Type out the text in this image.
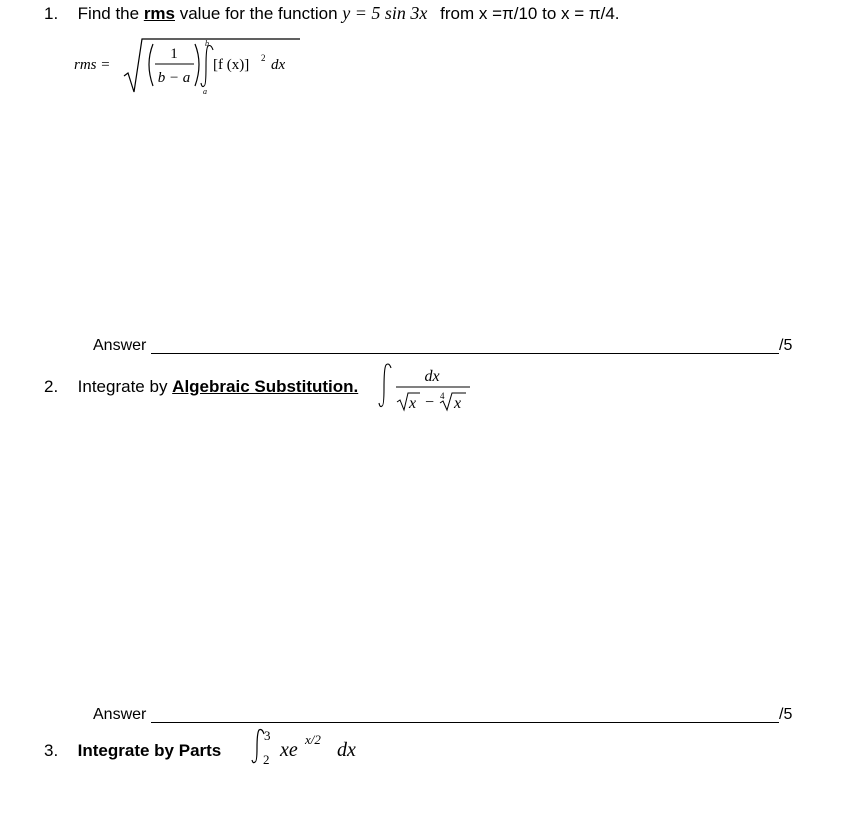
1. Find the rms value for the function y = 5 sin 3x from x =π/10 to x = π/4.
rms =
1
b − a
b
a
[f (x)] 2 dx
Answer	/5
2. Integrate by Algebraic Substitution.
dx
x − 4 x
Answer	/5
3. Integrate by Parts
3
2 xe x/2 dx
